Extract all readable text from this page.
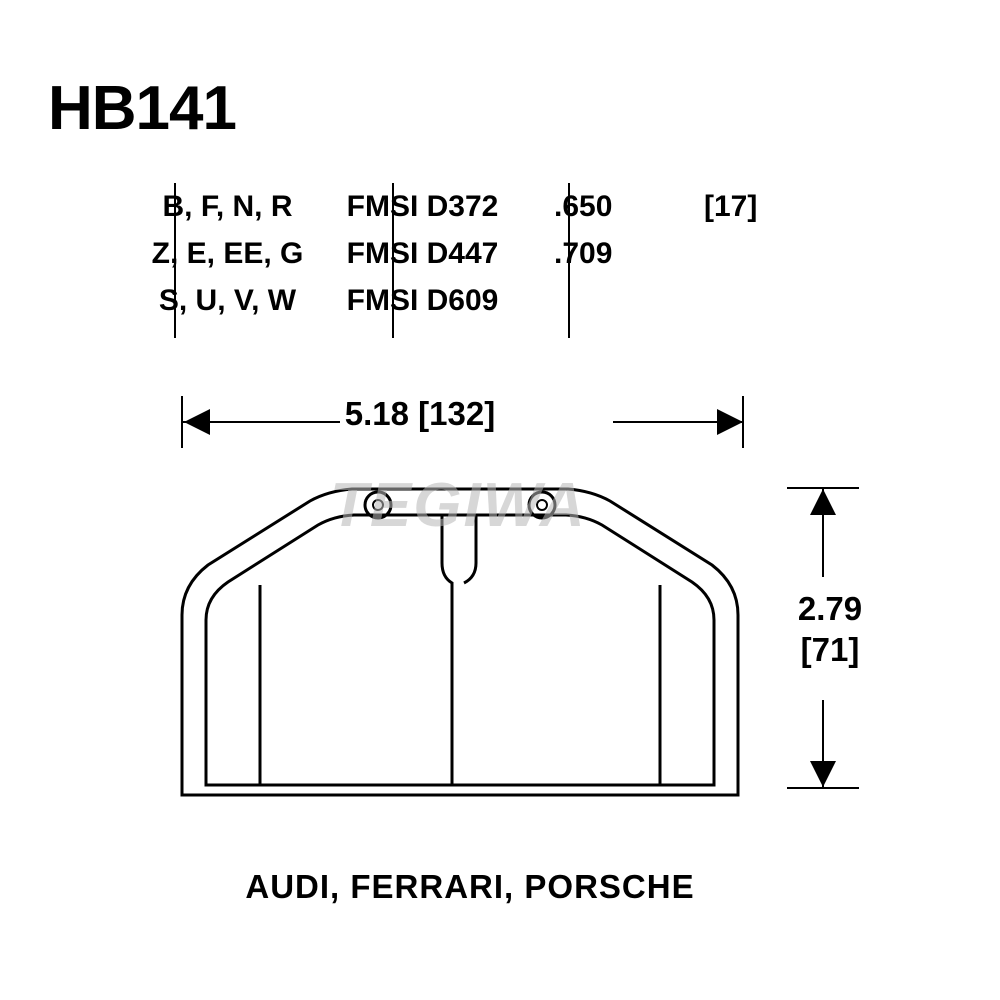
HB141
B, F, N, R	FMSI D372	.650	[17]
Z, E, EE, G	FMSI D447	.709
S, U, V, W	FMSI D609
5.18 [132]
2.79
[71]
TEGIWA
AUDI, FERRARI, PORSCHE
